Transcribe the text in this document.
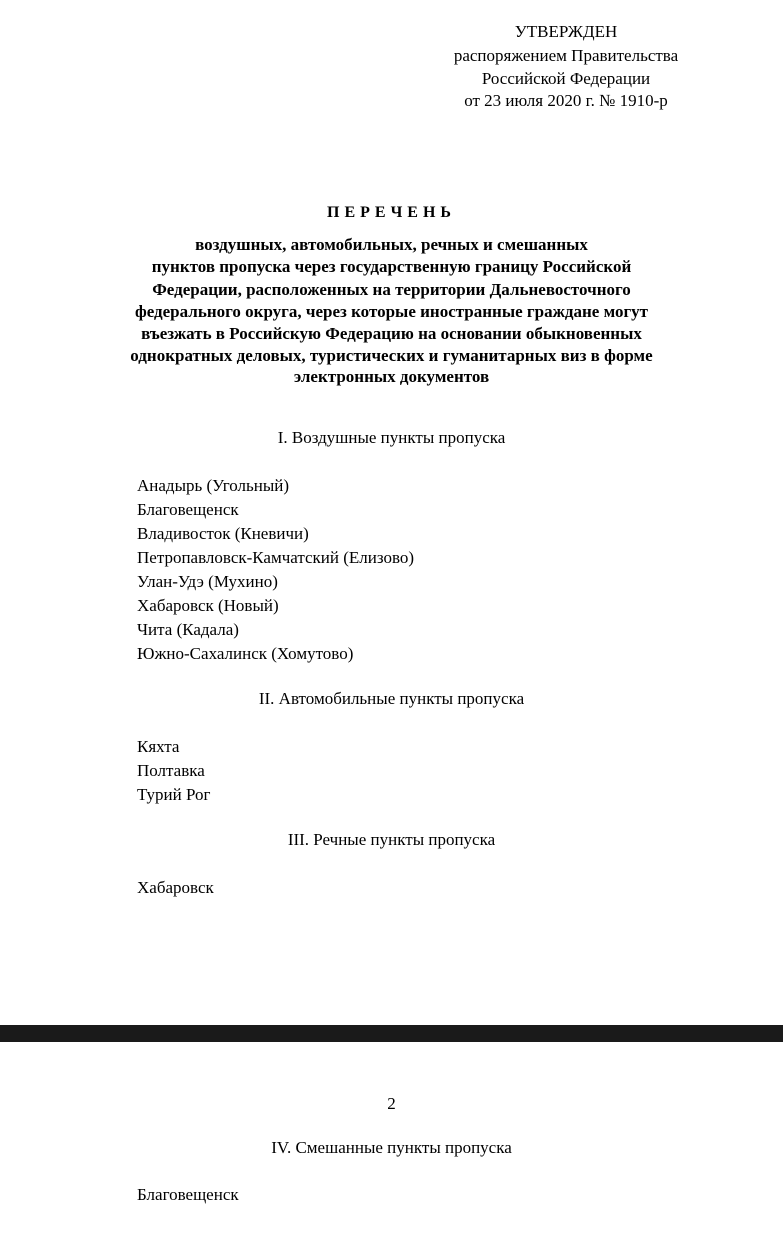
УТВЕРЖДЕН
распоряжением Правительства
Российской Федерации
от 23 июля 2020 г. № 1910-р
ПЕРЕЧЕНЬ
воздушных, автомобильных, речных и смешанных
пунктов пропуска через государственную границу Российской
Федерации, расположенных на территории Дальневосточного
федерального округа, через которые иностранные граждане могут
въезжать в Российскую Федерацию на основании обыкновенных
однократных деловых, туристических и гуманитарных виз в форме
электронных документов
I. Воздушные пункты пропуска
Анадырь (Угольный)
Благовещенск
Владивосток (Кневичи)
Петропавловск-Камчатский (Елизово)
Улан-Удэ (Мухино)
Хабаровск (Новый)
Чита (Кадала)
Южно-Сахалинск (Хомутово)
II. Автомобильные пункты пропуска
Кяхта
Полтавка
Турий Рог
III. Речные пункты пропуска
Хабаровск
2
IV. Смешанные пункты пропуска
Благовещенск
